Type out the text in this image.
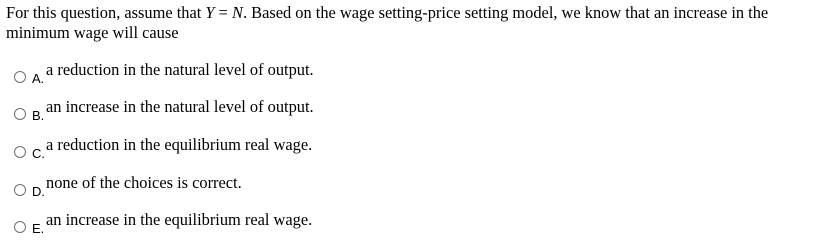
For this question, assume that Y = N. Based on the wage setting-price setting model, we know that an increase in the minimum wage will cause

A. a reduction in the natural level of output.
B. an increase in the natural level of output.
C. a reduction in the equilibrium real wage.
D. none of the choices is correct.
E. an increase in the equilibrium real wage.
